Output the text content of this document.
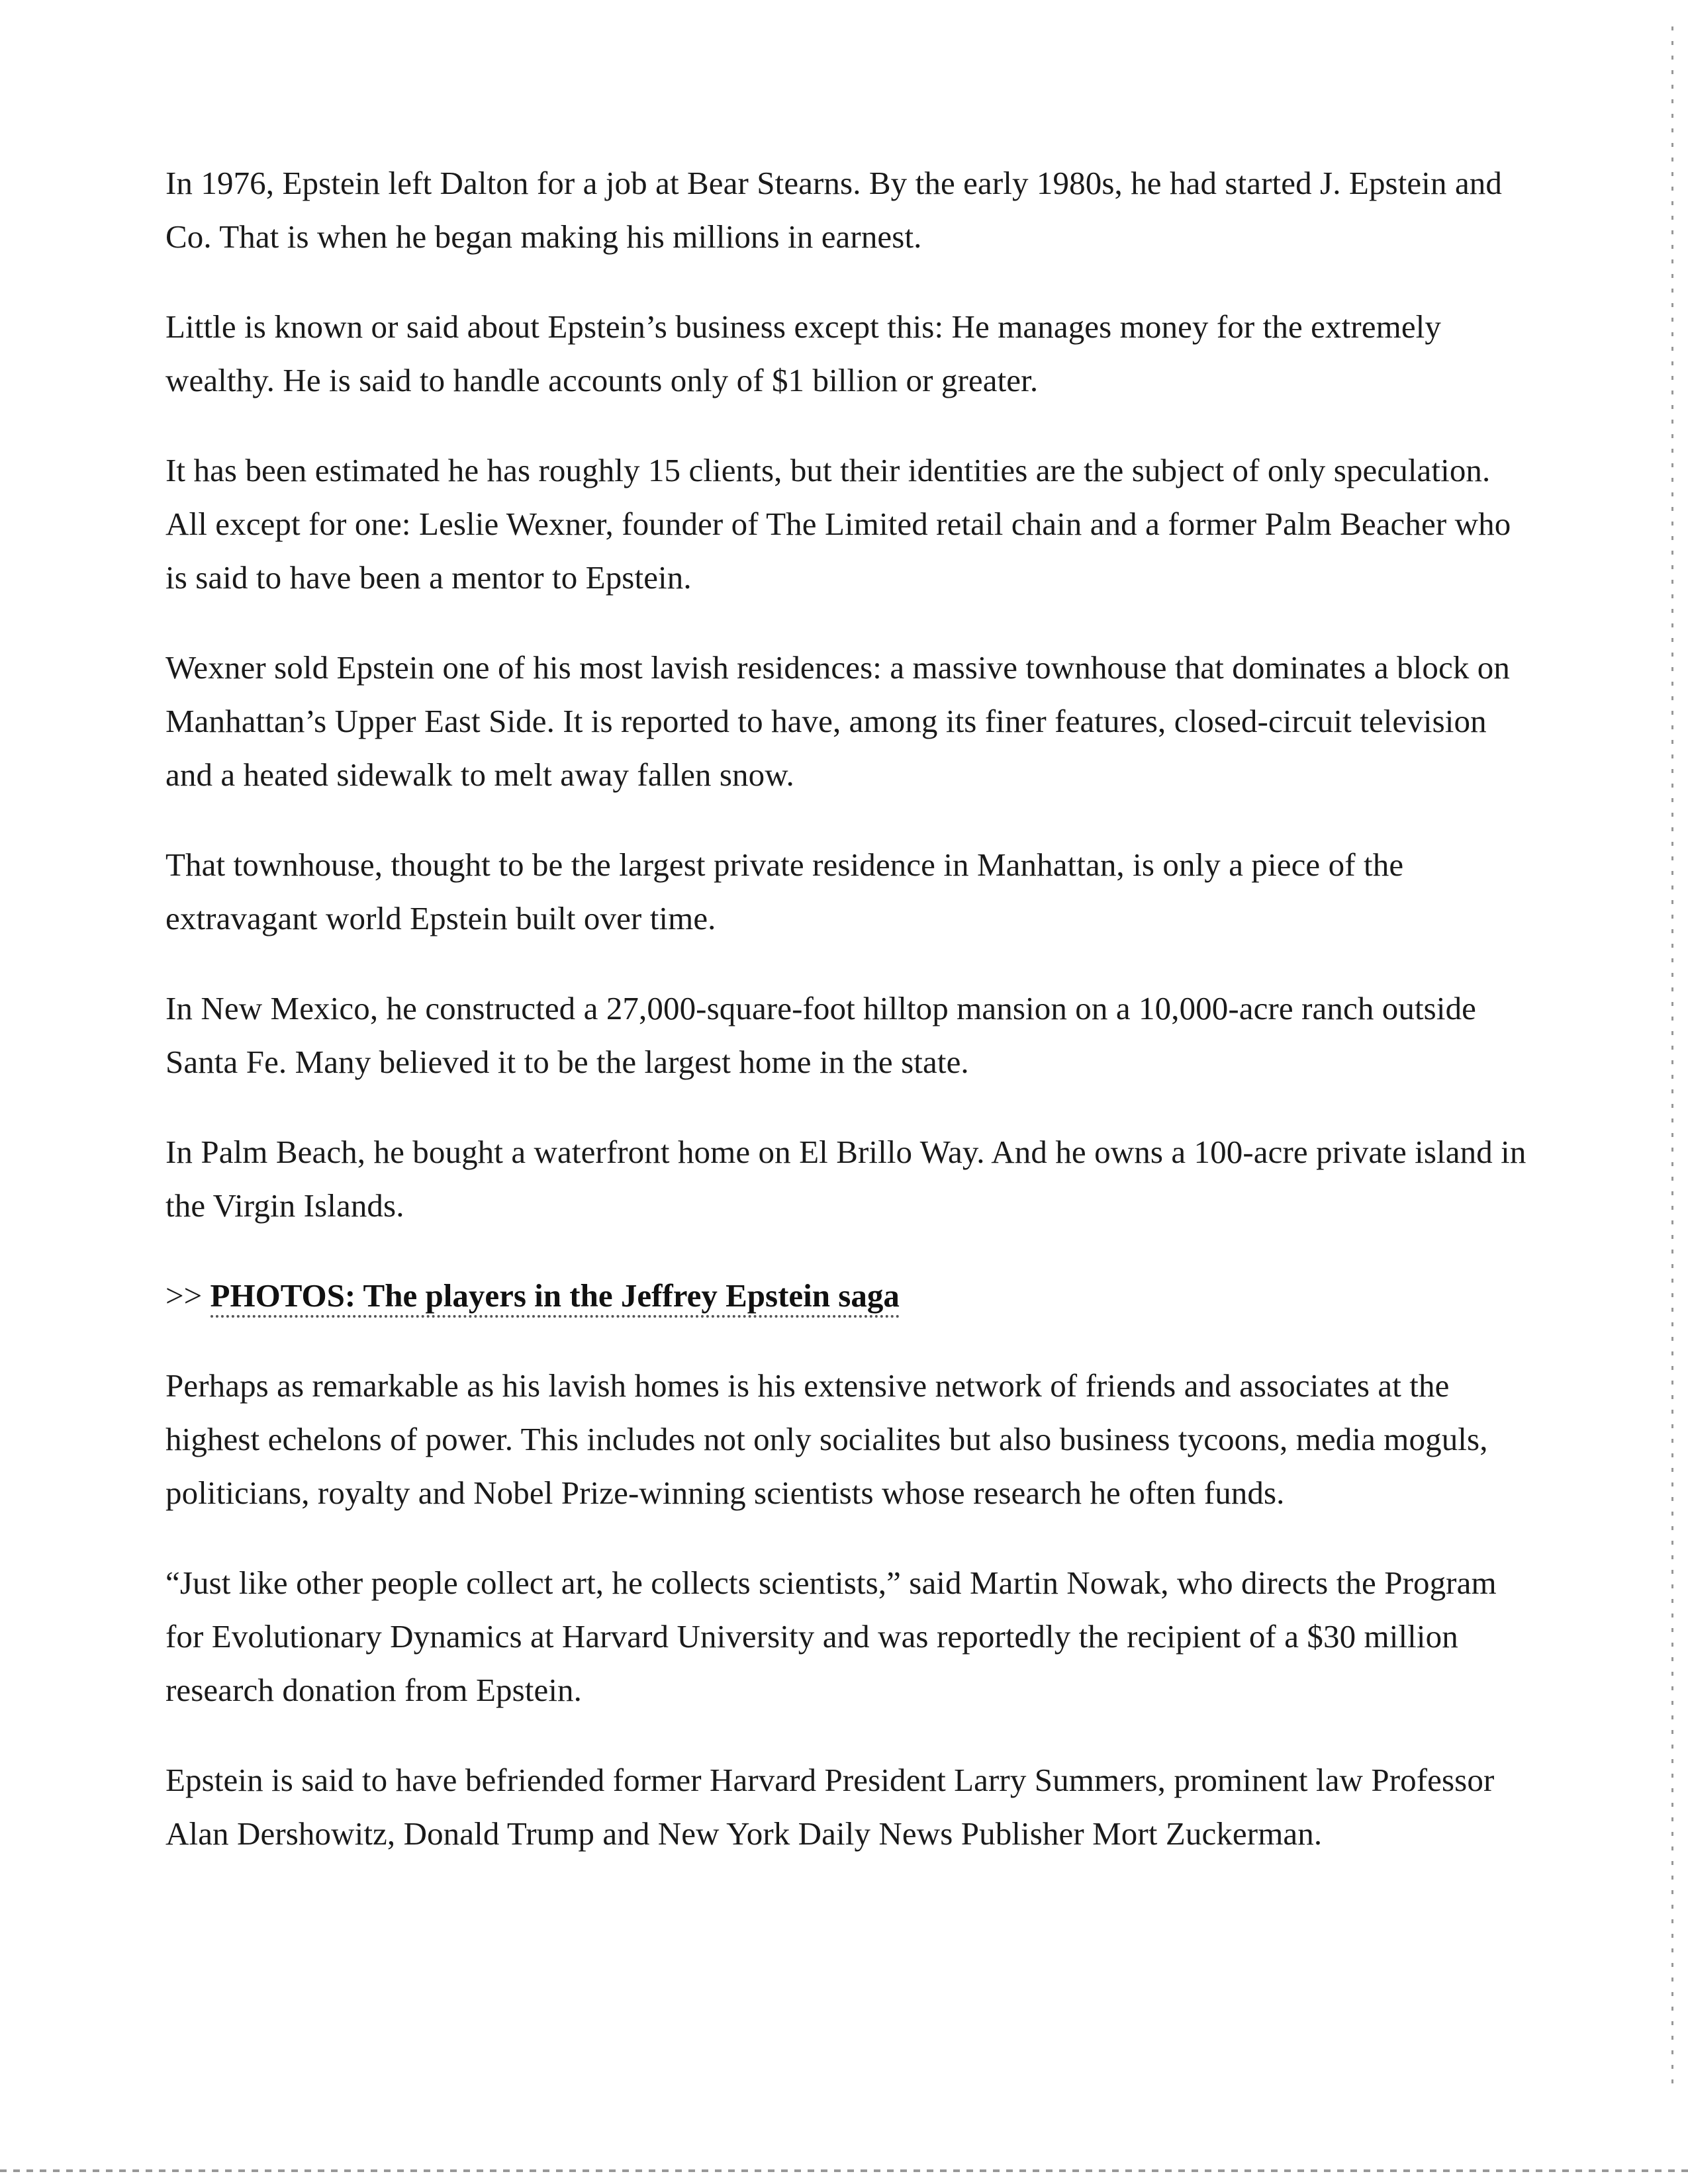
In 1976, Epstein left Dalton for a job at Bear Stearns. By the early 1980s, he had started J. Epstein and Co. That is when he began making his millions in earnest.

Little is known or said about Epstein’s business except this: He manages money for the extremely wealthy. He is said to handle accounts only of $1 billion or greater.

It has been estimated he has roughly 15 clients, but their identities are the subject of only speculation. All except for one: Leslie Wexner, founder of The Limited retail chain and a former Palm Beacher who is said to have been a mentor to Epstein.

Wexner sold Epstein one of his most lavish residences: a massive townhouse that dominates a block on Manhattan’s Upper East Side. It is reported to have, among its finer features, closed-circuit television and a heated sidewalk to melt away fallen snow.

That townhouse, thought to be the largest private residence in Manhattan, is only a piece of the extravagant world Epstein built over time.

In New Mexico, he constructed a 27,000-square-foot hilltop mansion on a 10,000-acre ranch outside Santa Fe. Many believed it to be the largest home in the state.

In Palm Beach, he bought a waterfront home on El Brillo Way. And he owns a 100-acre private island in the Virgin Islands.

>> PHOTOS: The players in the Jeffrey Epstein saga

Perhaps as remarkable as his lavish homes is his extensive network of friends and associates at the highest echelons of power. This includes not only socialites but also business tycoons, media moguls, politicians, royalty and Nobel Prize-winning scientists whose research he often funds.

“Just like other people collect art, he collects scientists,” said Martin Nowak, who directs the Program for Evolutionary Dynamics at Harvard University and was reportedly the recipient of a $30 million research donation from Epstein.

Epstein is said to have befriended former Harvard President Larry Summers, prominent law Professor Alan Dershowitz, Donald Trump and New York Daily News Publisher Mort Zuckerman.
